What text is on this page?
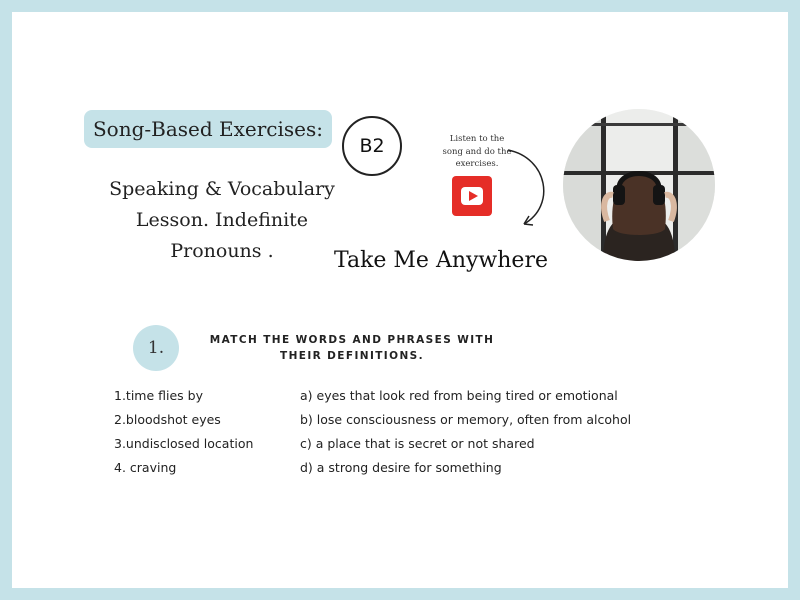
Song-Based Exercises:
B2
Speaking & Vocabulary
Lesson. Indefinite
Pronouns .	Take Me Anywhere
Listen to the
song and do the
exercises.
1.	MATCH THE WORDS AND PHRASES WITH
THEIR DEFINITIONS.
1.time flies by	a) eyes that look red from being tired or emotional
2.bloodshot eyes	b) lose consciousness or memory, often from alcohol
3.undisclosed location	c) a place that is secret or not shared
4. craving	d) a strong desire for something
